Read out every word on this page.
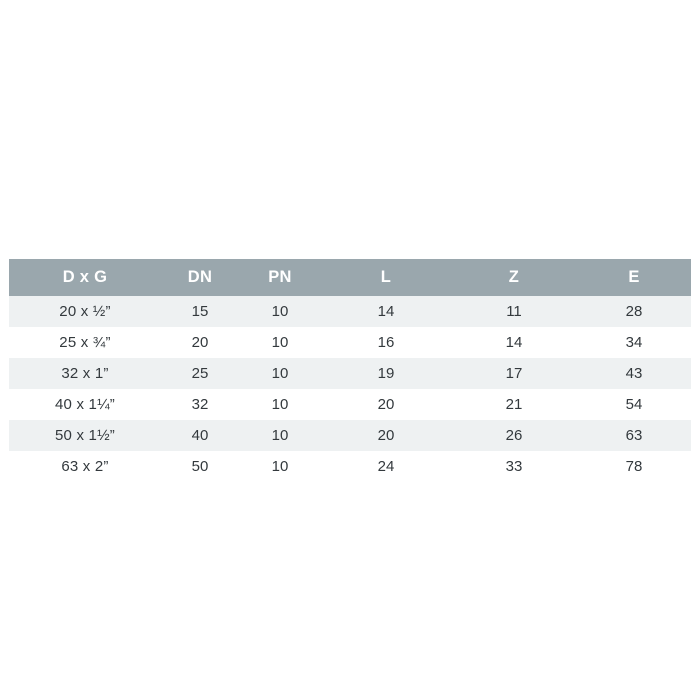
D x G	DN	PN	L	Z	E
20 x ½”	15	10	14	11	28
25 x ¾”	20	10	16	14	34
32 x 1”	25	10	19	17	43
40 x 1¼”	32	10	20	21	54
50 x 1½”	40	10	20	26	63
63 x 2”	50	10	24	33	78
